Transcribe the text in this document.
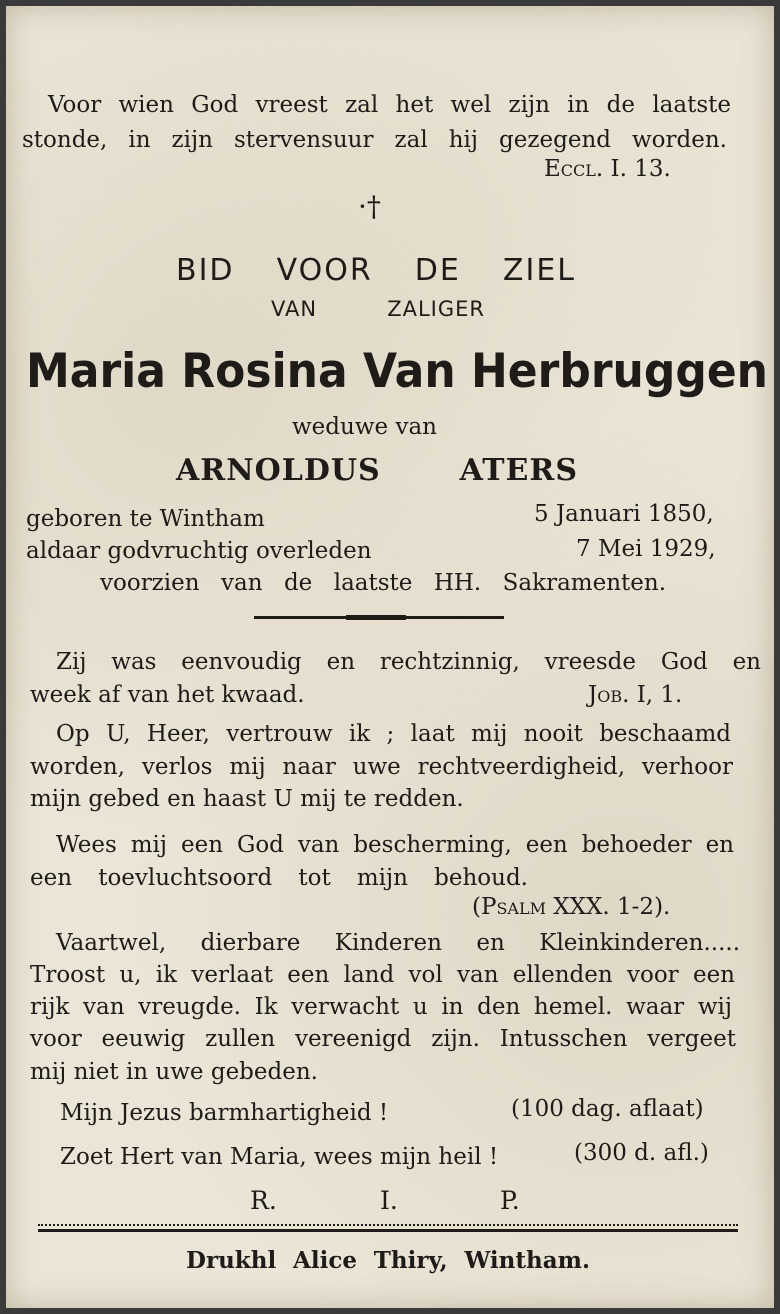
Voor wien God vreest zal het wel zijn in de laatste
stonde, in zijn stervensuur zal hij gezegend worden.
Eccl. I. 13.
·†
BID VOOR DE ZIEL
VAN ZALIGER
Maria Rosina Van Herbruggen
weduwe van
ARNOLDUS ATERS
geboren te Wintham	5 Januari 1850,
aldaar godvruchtig overleden	7 Mei 1929,
voorzien van de laatste HH. Sakramenten.
Zij was eenvoudig en rechtzinnig, vreesde God en
week af van het kwaad.	Job. I, 1.
Op U, Heer, vertrouw ik ; laat mij nooit beschaamd
worden, verlos mij naar uwe rechtveerdigheid, verhoor
mijn gebed en haast U mij te redden.
Wees mij een God van bescherming, een behoeder en
een toevluchtsoord tot mijn behoud.
(Psalm XXX. 1-2).
Vaartwel, dierbare Kinderen en Kleinkinderen.....
Troost u, ik verlaat een land vol van ellenden voor een
rijk van vreugde. Ik verwacht u in den hemel. waar wij
voor eeuwig zullen vereenigd zijn. Intusschen vergeet
mij niet in uwe gebeden.
Mijn Jezus barmhartigheid !	(100 dag. aflaat)
Zoet Hert van Maria, wees mijn heil !	(300 d. afl.)
R.	I.	P.
Drukhl Alice Thiry, Wintham.
